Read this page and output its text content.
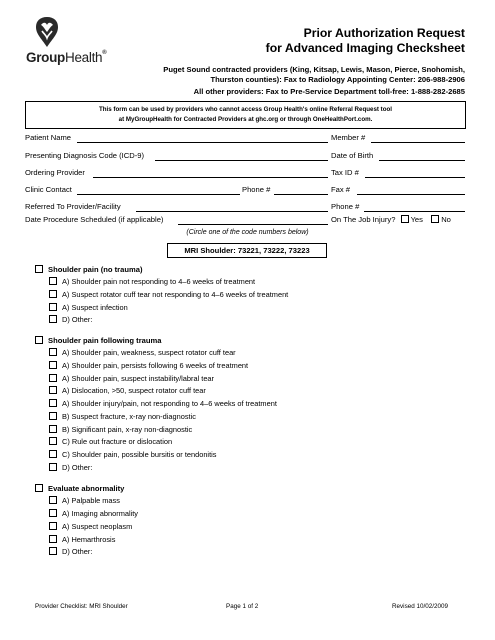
GroupHealth®
Prior Authorization Request
for Advanced Imaging Checksheet
Puget Sound contracted providers (King, Kitsap, Lewis, Mason, Pierce, Snohomish,
Thurston counties): Fax to Radiology Appointing Center: 206-988-2906
All other providers: Fax to Pre-Service Department toll-free: 1-888-282-2685
This form can be used by providers who cannot access Group Health's online Referral Request tool
at MyGroupHealth for Contracted Providers at ghc.org or through OneHealthPort.com.
Patient Name	Member #
Presenting Diagnosis Code (ICD-9)	Date of Birth
Ordering Provider	Tax ID #
Clinic Contact	Phone #	Fax #
Referred To Provider/Facility	Phone #
Date Procedure Scheduled (if applicable)	On The Job Injury? Yes No
(Circle one of the code numbers below)
MRI Shoulder: 73221, 73222, 73223
Shoulder pain (no trauma)
A) Shoulder pain not responding to 4–6 weeks of treatment
A) Suspect rotator cuff tear not responding to 4–6 weeks of treatment
A) Suspect infection
D) Other:
Shoulder pain following trauma
A) Shoulder pain, weakness, suspect rotator cuff tear
A) Shoulder pain, persists following 6 weeks of treatment
A) Shoulder pain, suspect instability/labral tear
A) Dislocation, >50, suspect rotator cuff tear
A) Shoulder injury/pain, not responding to 4–6 weeks of treatment
B) Suspect fracture, x-ray non-diagnostic
B) Significant pain, x-ray non-diagnostic
C) Rule out fracture or dislocation
C) Shoulder pain, possible bursitis or tendonitis
D) Other:
Evaluate abnormality
A) Palpable mass
A) Imaging abnormality
A) Suspect neoplasm
A) Hemarthrosis
D) Other:
Provider Checklist: MRI Shoulder	Page 1 of 2	Revised 10/02/2009
